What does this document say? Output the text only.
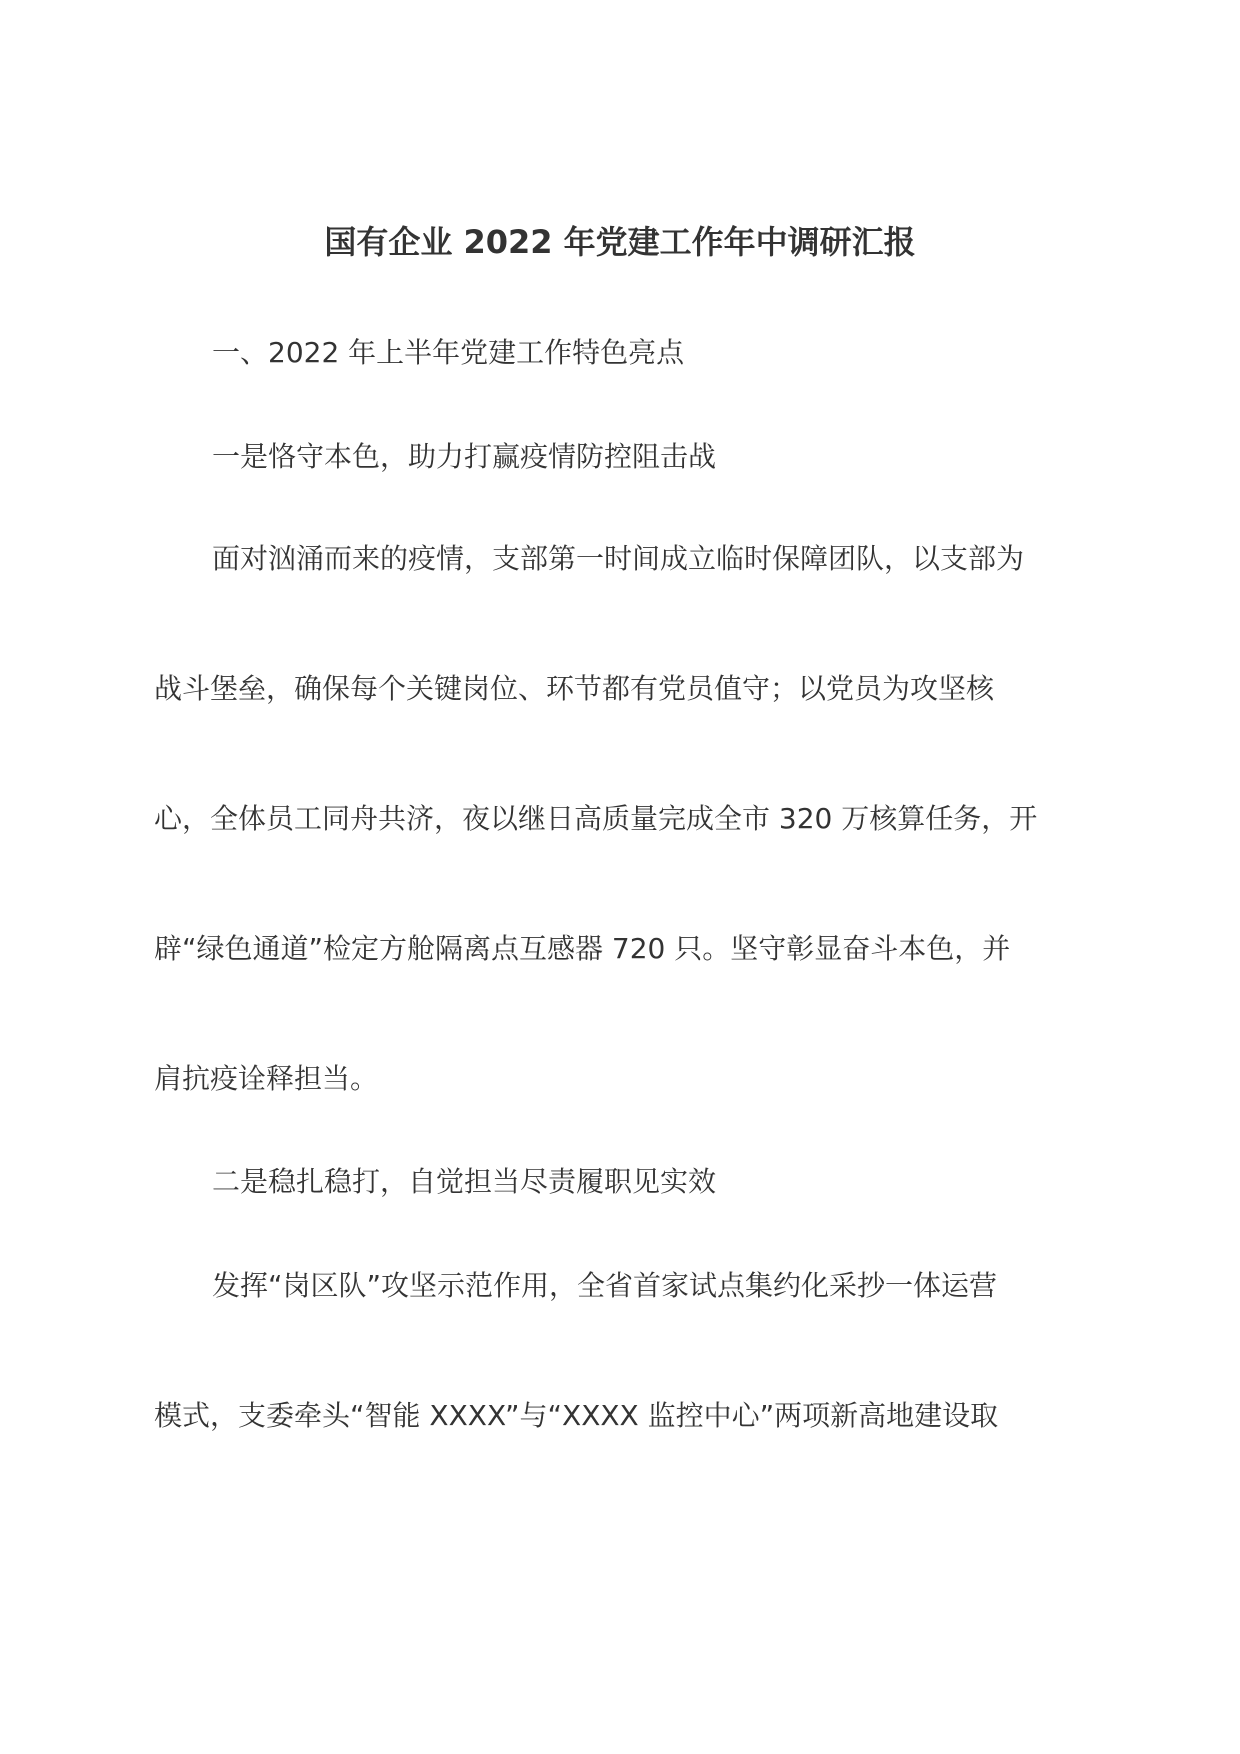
国有企业 2022 年党建工作年中调研汇报
一、2022 年上半年党建工作特色亮点
一是恪守本色，助力打赢疫情防控阻击战
面对汹涌而来的疫情，支部第一时间成立临时保障团队，以支部为
战斗堡垒，确保每个关键岗位、环节都有党员值守；以党员为攻坚核
心，全体员工同舟共济，夜以继日高质量完成全市 320 万核算任务，开
辟“绿色通道”检定方舱隔离点互感器 720 只。坚守彰显奋斗本色，并
肩抗疫诠释担当。
二是稳扎稳打，自觉担当尽责履职见实效
发挥“岗区队”攻坚示范作用，全省首家试点集约化采抄一体运营
模式，支委牵头“智能 XXXX”与“XXXX 监控中心”两项新高地建设取
